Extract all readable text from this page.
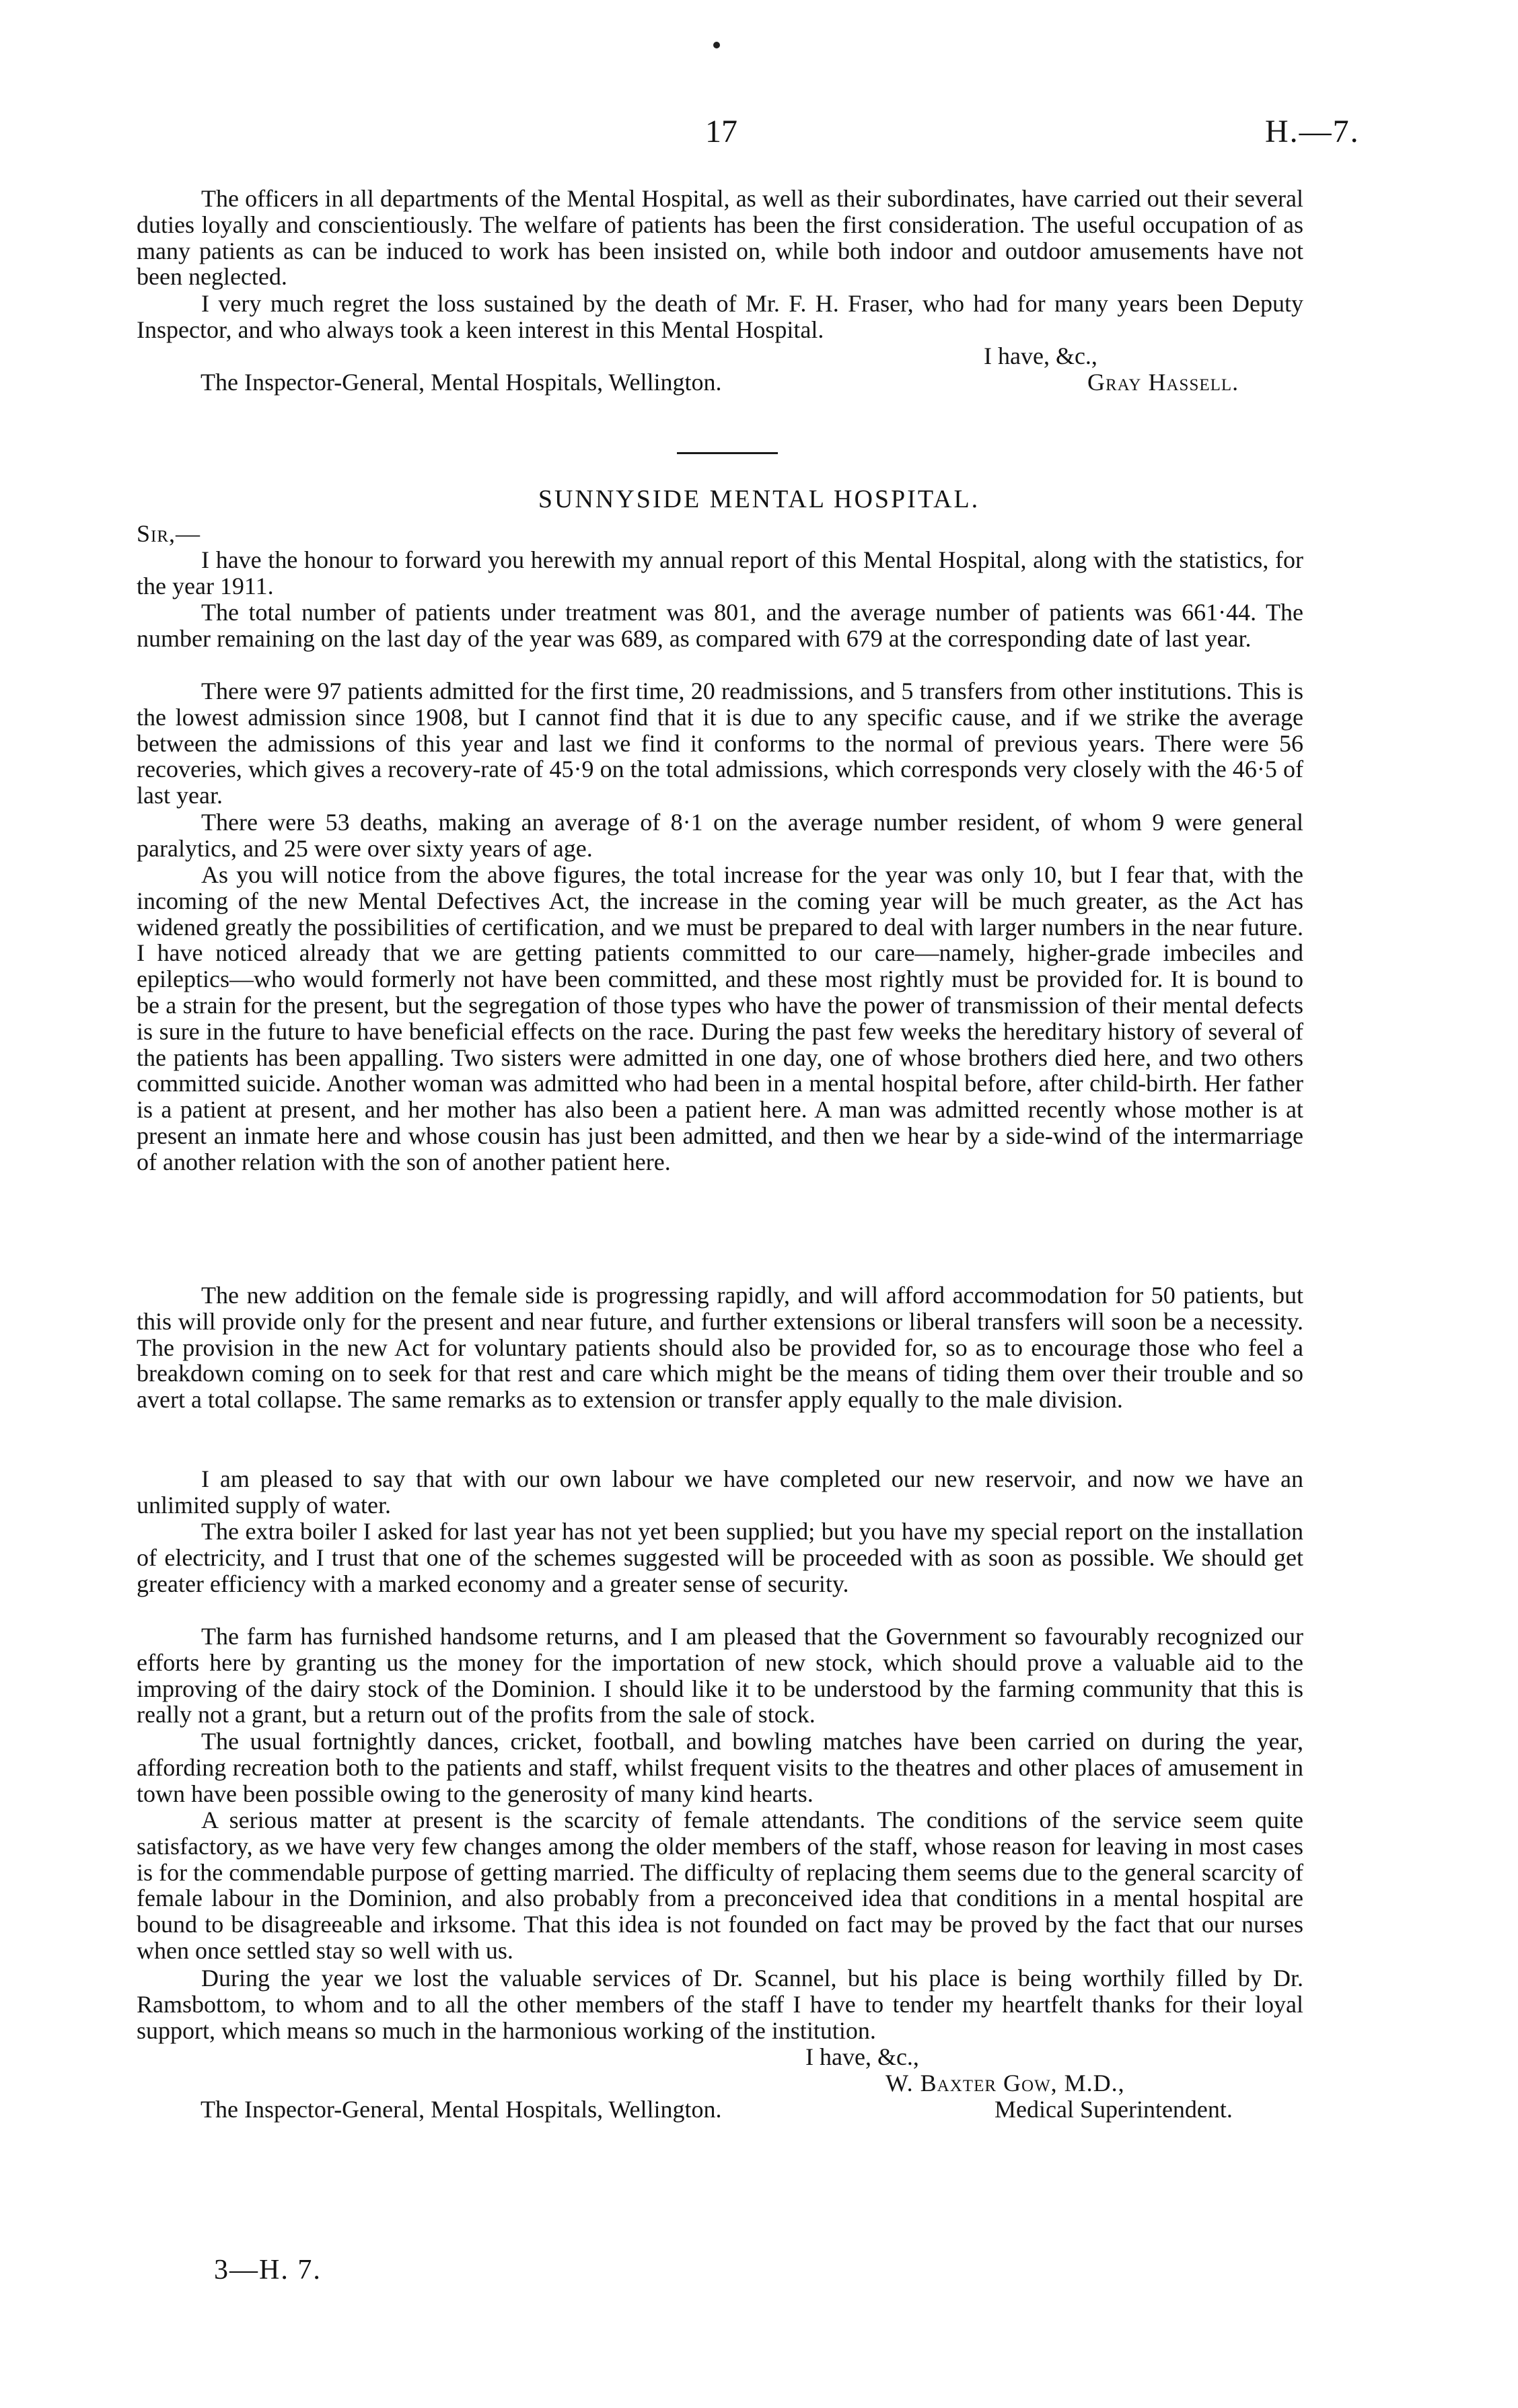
17	H.—7.

The officers in all departments of the Mental Hospital, as well as their subordinates, have carried out their several duties loyally and conscientiously. The welfare of patients has been the first consideration. The useful occupation of as many patients as can be induced to work has been insisted on, while both indoor and outdoor amusements have not been neglected.

I very much regret the loss sustained by the death of Mr. F. H. Fraser, who had for many years been Deputy Inspector, and who always took a keen interest in this Mental Hospital.

I have, &c.,
The Inspector-General, Mental Hospitals, Wellington.	Gray Hassell.
SUNNYSIDE MENTAL HOSPITAL.
Sir,—

I have the honour to forward you herewith my annual report of this Mental Hospital, along with the statistics, for the year 1911.

The total number of patients under treatment was 801, and the average number of patients was 661·44. The number remaining on the last day of the year was 689, as compared with 679 at the corresponding date of last year.

There were 97 patients admitted for the first time, 20 readmissions, and 5 transfers from other institutions. This is the lowest admission since 1908, but I cannot find that it is due to any specific cause, and if we strike the average between the admissions of this year and last we find it conforms to the normal of previous years. There were 56 recoveries, which gives a recovery-rate of 45·9 on the total admissions, which corresponds very closely with the 46·5 of last year.

There were 53 deaths, making an average of 8·1 on the average number resident, of whom 9 were general paralytics, and 25 were over sixty years of age.

As you will notice from the above figures, the total increase for the year was only 10, but I fear that, with the incoming of the new Mental Defectives Act, the increase in the coming year will be much greater, as the Act has widened greatly the possibilities of certification, and we must be prepared to deal with larger numbers in the near future. I have noticed already that we are getting patients committed to our care—namely, higher-grade imbeciles and epileptics—who would formerly not have been committed, and these most rightly must be provided for. It is bound to be a strain for the present, but the segregation of those types who have the power of transmission of their mental defects is sure in the future to have beneficial effects on the race. During the past few weeks the hereditary history of several of the patients has been appalling. Two sisters were admitted in one day, one of whose brothers died here, and two others committed suicide. Another woman was admitted who had been in a mental hospital before, after child-birth. Her father is a patient at present, and her mother has also been a patient here. A man was admitted recently whose mother is at present an inmate here and whose cousin has just been admitted, and then we hear by a side-wind of the intermarriage of another relation with the son of another patient here.

The new addition on the female side is progressing rapidly, and will afford accommodation for 50 patients, but this will provide only for the present and near future, and further extensions or liberal transfers will soon be a necessity. The provision in the new Act for voluntary patients should also be provided for, so as to encourage those who feel a breakdown coming on to seek for that rest and care which might be the means of tiding them over their trouble and so avert a total collapse. The same remarks as to extension or transfer apply equally to the male division.

I am pleased to say that with our own labour we have completed our new reservoir, and now we have an unlimited supply of water.

The extra boiler I asked for last year has not yet been supplied; but you have my special report on the installation of electricity, and I trust that one of the schemes suggested will be proceeded with as soon as possible. We should get greater efficiency with a marked economy and a greater sense of security.

The farm has furnished handsome returns, and I am pleased that the Government so favourably recognized our efforts here by granting us the money for the importation of new stock, which should prove a valuable aid to the improving of the dairy stock of the Dominion. I should like it to be understood by the farming community that this is really not a grant, but a return out of the profits from the sale of stock.

The usual fortnightly dances, cricket, football, and bowling matches have been carried on during the year, affording recreation both to the patients and staff, whilst frequent visits to the theatres and other places of amusement in town have been possible owing to the generosity of many kind hearts.

A serious matter at present is the scarcity of female attendants. The conditions of the service seem quite satisfactory, as we have very few changes among the older members of the staff, whose reason for leaving in most cases is for the commendable purpose of getting married. The difficulty of replacing them seems due to the general scarcity of female labour in the Dominion, and also probably from a preconceived idea that conditions in a mental hospital are bound to be disagreeable and irksome. That this idea is not founded on fact may be proved by the fact that our nurses when once settled stay so well with us.

During the year we lost the valuable services of Dr. Scannel, but his place is being worthily filled by Dr. Ramsbottom, to whom and to all the other members of the staff I have to tender my heartfelt thanks for their loyal support, which means so much in the harmonious working of the institution.

I have, &c.,
W. Baxter Gow, M.D.,
The Inspector-General, Mental Hospitals, Wellington.	Medical Superintendent.
3—H. 7.
